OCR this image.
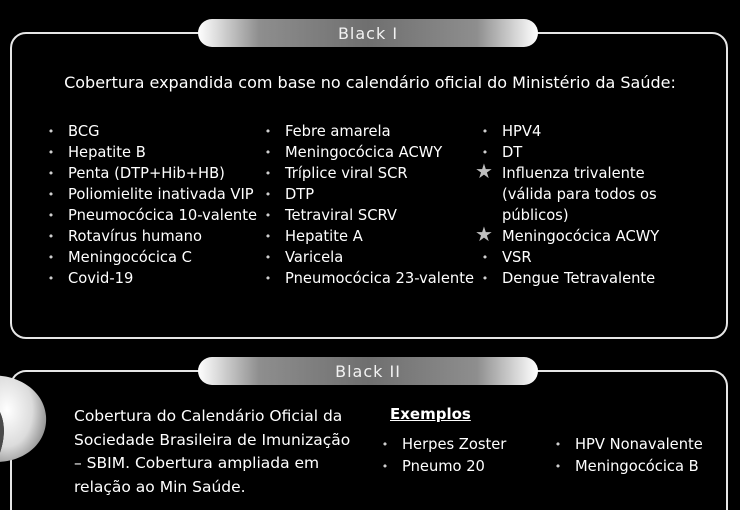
Black I
Cobertura expandida com base no calendário oficial do Ministério da Saúde:
• BCG
• Hepatite B
• Penta (DTP+Hib+HB)
• Poliomielite inativada VIP
• Pneumocócica 10-valente
• Rotavírus humano
• Meningocócica C
• Covid-19
• Febre amarela
• Meningocócica ACWY
• Tríplice viral SCR
• DTP
• Tetraviral SCRV
• Hepatite A
• Varicela
• Pneumocócica 23-valente
• HPV4
• DT
★ Influenza trivalente
(válida para todos os
públicos)
★ Meningocócica ACWY
• VSR
• Dengue Tetravalente
Black II
Cobertura do Calendário Oficial da
Sociedade Brasileira de Imunização
– SBIM. Cobertura ampliada em
relação ao Min Saúde.
Exemplos
• Herpes Zoster
• Pneumo 20
• HPV Nonavalente
• Meningocócica B
